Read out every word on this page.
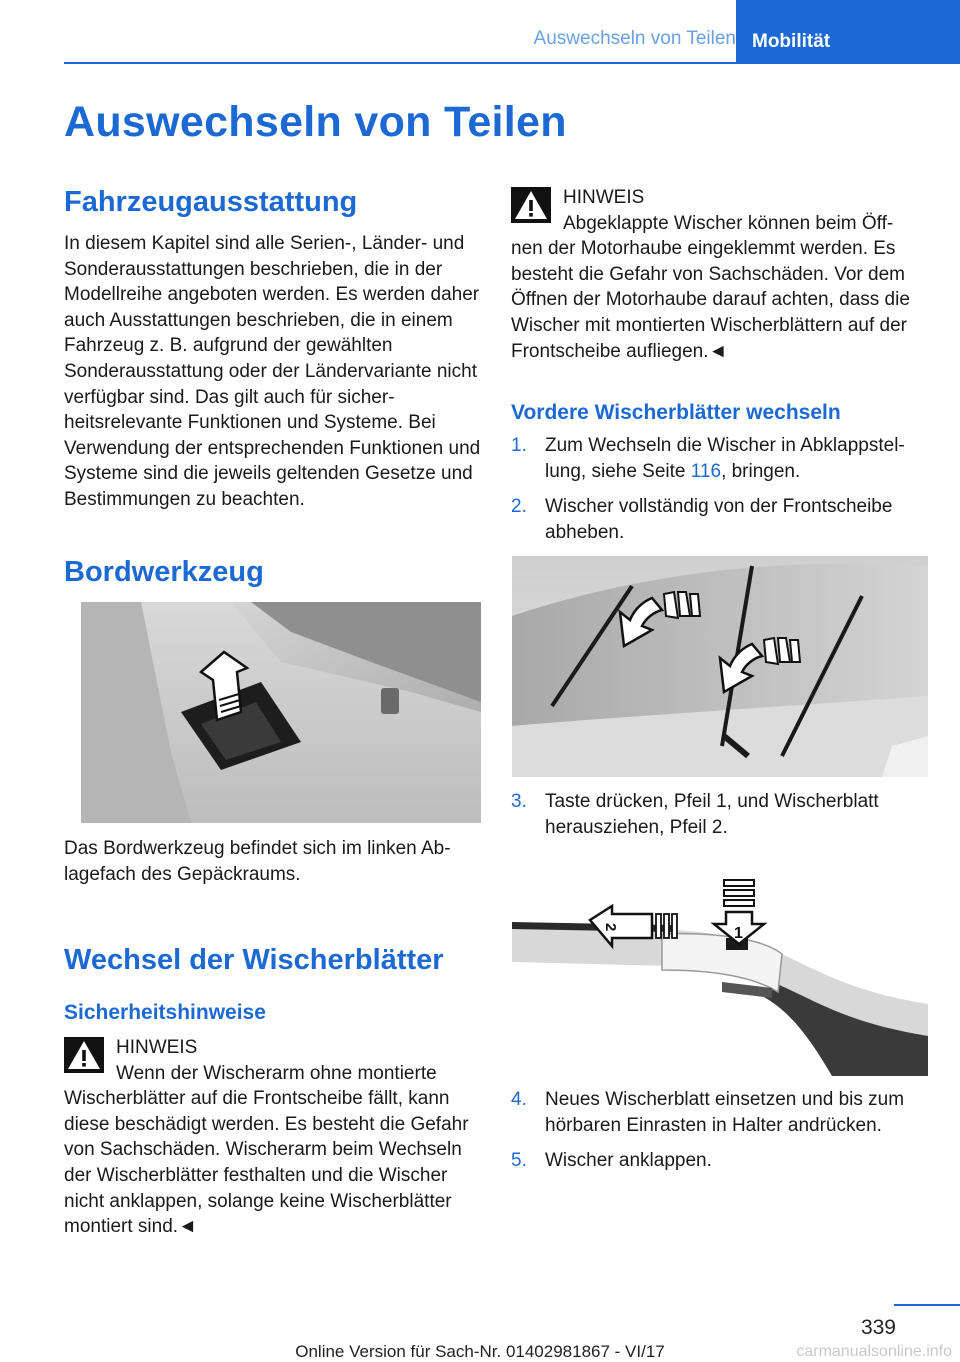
Auswechseln von Teilen Mobilität
Auswechseln von Teilen
Fahrzeugausstattung

In diesem Kapitel sind alle Serien-, Länder- und Sonderausstattungen beschrieben, die in der Modellreihe angeboten werden. Es werden daher auch Ausstattungen beschrieben, die in einem Fahrzeug z. B. aufgrund der gewählten Sonderausstattung oder der Ländervariante nicht verfügbar sind. Das gilt auch für sicherheitsrelevante Funktionen und Systeme. Bei Verwendung der entsprechenden Funktionen und Systeme sind die jeweils geltenden Gesetze und Bestimmungen zu beachten.

Bordwerkzeug

Das Bordwerkzeug befindet sich im linken Ablagefach des Gepäckraums.

Wechsel der Wischerblätter
Sicherheitshinweise

HINWEIS

Wenn der Wischerarm ohne montierte
Wischerblätter auf die Frontscheibe fällt, kann diese beschädigt werden. Es besteht die Gefahr von Sachschäden. Wischerarm beim Wechseln der Wischerblätter festhalten und die Wischer nicht anklappen, solange keine Wischerblätter montiert sind.◄

HINWEIS

Abgeklappte Wischer können beim Öff-
nen der Motorhaube eingeklemmt werden. Es besteht die Gefahr von Sachschäden. Vor dem Öffnen der Motorhaube darauf achten, dass die Wischer mit montierten Wischerblättern auf der Frontscheibe aufliegen.◄

Vordere Wischerblätter wechseln
1. Zum Wechseln die Wischer in Abklappstellung, siehe Seite 116, bringen.
2. Wischer vollständig von der Frontscheibe abheben.
3. Taste drücken, Pfeil 1, und Wischerblatt herausziehen, Pfeil 2.
1
2
4. Neues Wischerblatt einsetzen und bis zum hörbaren Einrasten in Halter andrücken.
5. Wischer anklappen.
339
Online Version für Sach-Nr. 01402981867 - VI/17	carmanualsonline.info
